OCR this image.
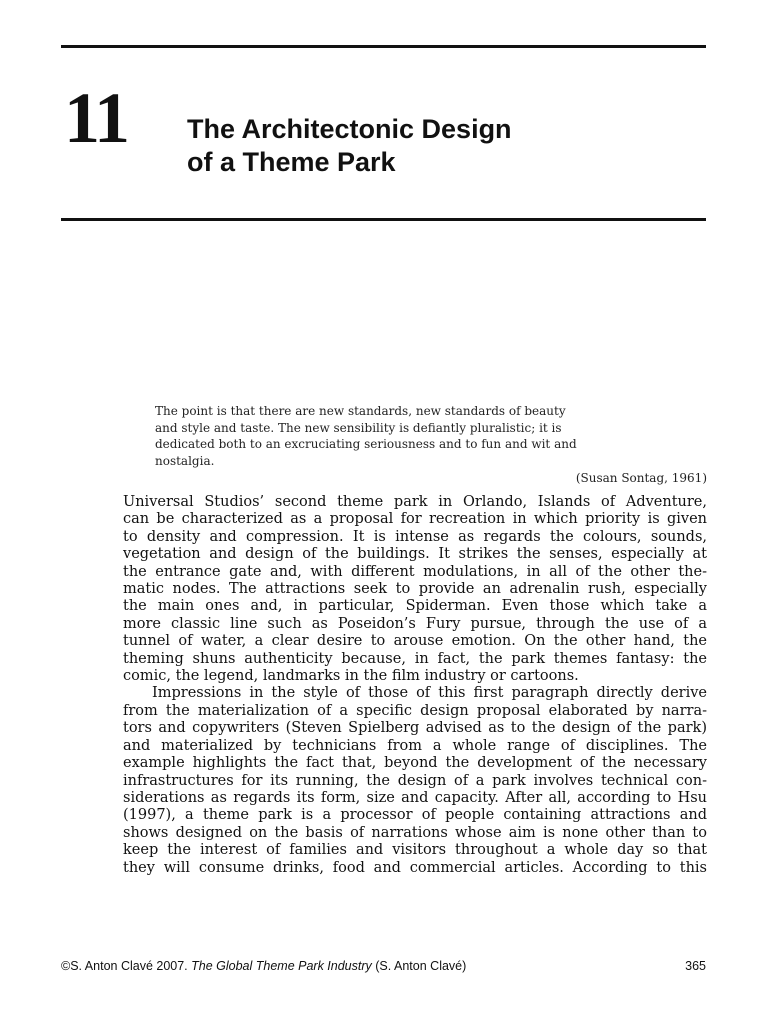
11 The Architectonic Design
of a Theme Park
The point is that there are new standards, new standards of beauty
and style and taste. The new sensibility is defiantly pluralistic; it is
dedicated both to an excruciating seriousness and to fun and wit and
nostalgia.
(Susan Sontag, 1961)
Universal Studios’ second theme park in Orlando, Islands of Adventure,
can be characterized as a proposal for recreation in which priority is given
to density and compression. It is intense as regards the colours, sounds,
vegetation and design of the buildings. It strikes the senses, especially at
the entrance gate and, with different modulations, in all of the other the-
matic nodes. The attractions seek to provide an adrenalin rush, especially
the main ones and, in particular, Spiderman. Even those which take a
more classic line such as Poseidon’s Fury pursue, through the use of a
tunnel of water, a clear desire to arouse emotion. On the other hand, the
theming shuns authenticity because, in fact, the park themes fantasy: the
comic, the legend, landmarks in the film industry or cartoons.
Impressions in the style of those of this first paragraph directly derive
from the materialization of a specific design proposal elaborated by narra-
tors and copywriters (Steven Spielberg advised as to the design of the park)
and materialized by technicians from a whole range of disciplines. The
example highlights the fact that, beyond the development of the necessary
infrastructures for its running, the design of a park involves technical con-
siderations as regards its form, size and capacity. After all, according to Hsu
(1997), a theme park is a processor of people containing attractions and
shows designed on the basis of narrations whose aim is none other than to
keep the interest of families and visitors throughout a whole day so that
they will consume drinks, food and commercial articles. According to this
©S. Anton Clavé 2007. The Global Theme Park Industry (S. Anton Clavé)	365
